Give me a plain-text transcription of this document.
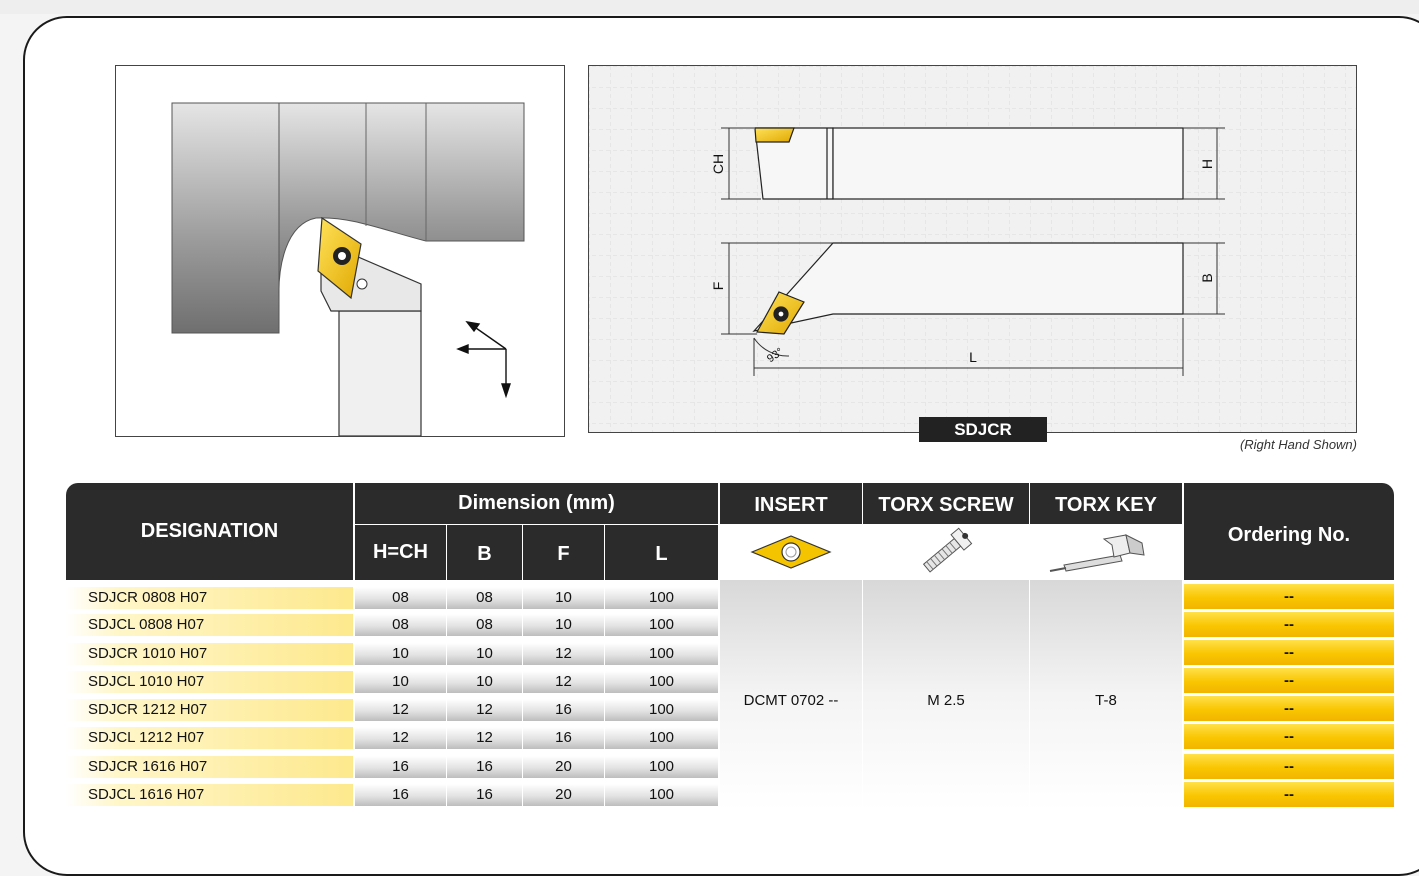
CH	H
F
B
L
93°
SDJCR
(Right Hand Shown)
DESIGNATION
Dimension (mm)
H=CH	B	F	L
INSERT	TORX SCREW	TORX KEY
Ordering No.
SDJCR 0808 H07	08	08	10	100	--
SDJCL 0808 H07	08	08	10	100	--
SDJCR 1010 H07	10	10	12	100	--
SDJCL 1010 H07	10	10	12	100	--
SDJCR 1212 H07	12	12	16	100	--
SDJCL 1212 H07	12	12	16	100	--
SDJCR 1616 H07	16	16	20	100	--
SDJCL 1616 H07	16	16	20	100	--
DCMT 0702 --	M 2.5	T-8
